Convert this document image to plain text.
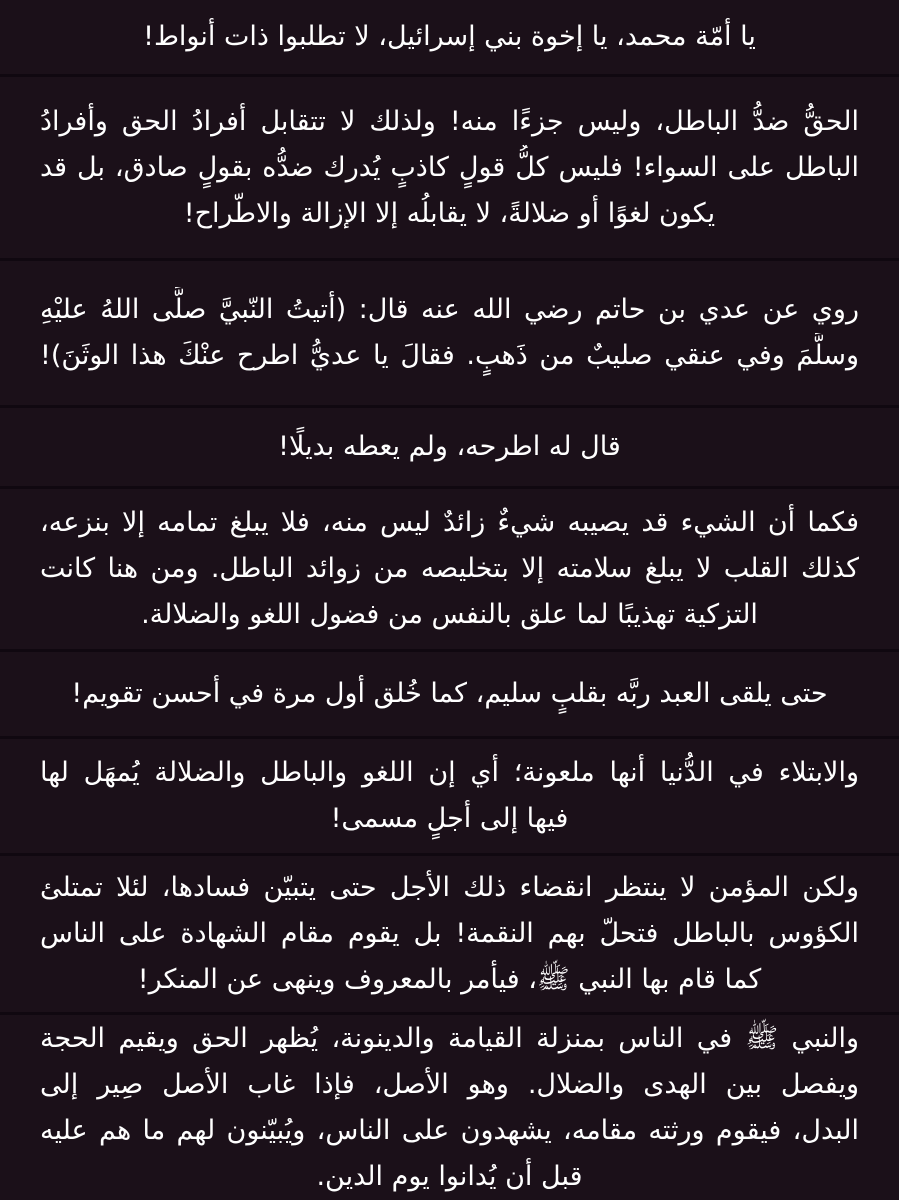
يا أمّة محمد، يا إخوة بني إسرائيل، لا تطلبوا ذات أنواط!
الحقُّ ضدُّ الباطل، وليس جزءًا منه! ولذلك لا تتقابل أفرادُ الحق وأفرادُ
الباطل على السواء! فليس كلُّ قولٍ كاذبٍ يُدرك ضدُّه بقولٍ صادق، بل قد
يكون لغوًا أو ضلالةً، لا يقابلُه إلا الإزالة والاطّراح!
روي عن عدي بن حاتم رضي الله عنه قال: (أتيتُ النّبيَّ صلَّى اللهُ عليْهِ
وسلَّمَ وفي عنقي صليبٌ من ذَهبٍ. فقالَ يا عديُّ اطرح عنْكَ هذا الوثَنَ)!
قال له اطرحه، ولم يعطه بديلًا!
فكما أن الشيء قد يصيبه شيءٌ زائدٌ ليس منه، فلا يبلغ تمامه إلا بنزعه،
كذلك القلب لا يبلغ سلامته إلا بتخليصه من زوائد الباطل. ومن هنا كانت
التزكية تهذيبًا لما علق بالنفس من فضول اللغو والضلالة.
حتى يلقى العبد ربَّه بقلبٍ سليم، كما خُلق أول مرة في أحسن تقويم!
والابتلاء في الدُّنيا أنها ملعونة؛ أي إن اللغو والباطل والضلالة يُمهَل لها
فيها إلى أجلٍ مسمى!
ولكن المؤمن لا ينتظر انقضاء ذلك الأجل حتى يتبيّن فسادها، لئلا تمتلئ
الكؤوس بالباطل فتحلّ بهم النقمة! بل يقوم مقام الشهادة على الناس
كما قام بها النبي ﷺ، فيأمر بالمعروف وينهى عن المنكر!
والنبي ﷺ في الناس بمنزلة القيامة والدينونة، يُظهر الحق ويقيم الحجة
ويفصل بين الهدى والضلال. وهو الأصل، فإذا غاب الأصل صِير إلى
البدل، فيقوم ورثته مقامه، يشهدون على الناس، ويُبيّنون لهم ما هم عليه
قبل أن يُدانوا يوم الدين.
